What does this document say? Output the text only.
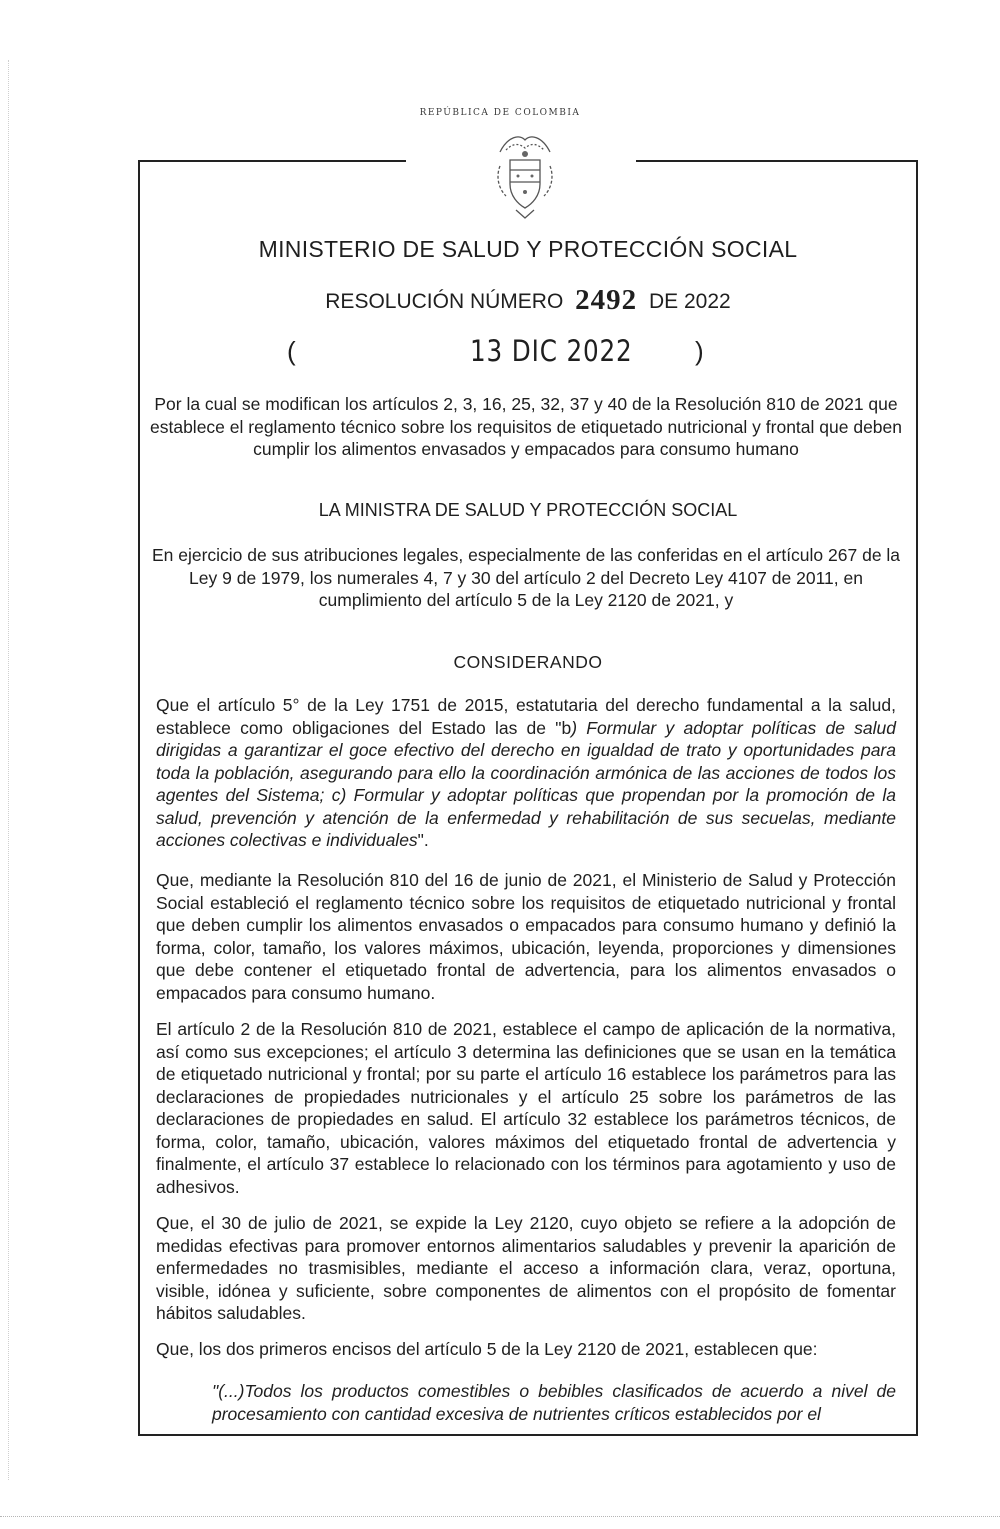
REPÚBLICA DE COLOMBIA
MINISTERIO DE SALUD Y PROTECCIÓN SOCIAL
RESOLUCIÓN NÚMERO 2492 DE 2022
(	13 DIC 2022 )
Por la cual se modifican los artículos 2, 3, 16, 25, 32, 37 y 40 de la Resolución 810 de 2021 que establece el reglamento técnico sobre los requisitos de etiquetado nutricional y frontal que deben cumplir los alimentos envasados y empacados para consumo humano
LA MINISTRA DE SALUD Y PROTECCIÓN SOCIAL
En ejercicio de sus atribuciones legales, especialmente de las conferidas en el artículo 267 de la Ley 9 de 1979, los numerales 4, 7 y 30 del artículo 2 del Decreto Ley 4107 de 2011, en cumplimiento del artículo 5 de la Ley 2120 de 2021, y
CONSIDERANDO
Que el artículo 5° de la Ley 1751 de 2015, estatutaria del derecho fundamental a la salud, establece como obligaciones del Estado las de "b) Formular y adoptar políticas de salud dirigidas a garantizar el goce efectivo del derecho en igualdad de trato y oportunidades para toda la población, asegurando para ello la coordinación armónica de las acciones de todos los agentes del Sistema; c) Formular y adoptar políticas que propendan por la promoción de la salud, prevención y atención de la enfermedad y rehabilitación de sus secuelas, mediante acciones colectivas e individuales".
Que, mediante la Resolución 810 del 16 de junio de 2021, el Ministerio de Salud y Protección Social estableció el reglamento técnico sobre los requisitos de etiquetado nutricional y frontal que deben cumplir los alimentos envasados o empacados para consumo humano y definió la forma, color, tamaño, los valores máximos, ubicación, leyenda, proporciones y dimensiones que debe contener el etiquetado frontal de advertencia, para los alimentos envasados o empacados para consumo humano.
El artículo 2 de la Resolución 810 de 2021, establece el campo de aplicación de la normativa, así como sus excepciones; el artículo 3 determina las definiciones que se usan en la temática de etiquetado nutricional y frontal; por su parte el artículo 16 establece los parámetros para las declaraciones de propiedades nutricionales y el artículo 25 sobre los parámetros de las declaraciones de propiedades en salud. El artículo 32 establece los parámetros técnicos, de forma, color, tamaño, ubicación, valores máximos del etiquetado frontal de advertencia y finalmente, el artículo 37 establece lo relacionado con los términos para agotamiento y uso de adhesivos.
Que, el 30 de julio de 2021, se expide la Ley 2120, cuyo objeto se refiere a la adopción de medidas efectivas para promover entornos alimentarios saludables y prevenir la aparición de enfermedades no trasmisibles, mediante el acceso a información clara, veraz, oportuna, visible, idónea y suficiente, sobre componentes de alimentos con el propósito de fomentar hábitos saludables.
Que, los dos primeros encisos del artículo 5 de la Ley 2120 de 2021, establecen que:
"(...)Todos los productos comestibles o bebibles clasificados de acuerdo a nivel de procesamiento con cantidad excesiva de nutrientes críticos establecidos por el
